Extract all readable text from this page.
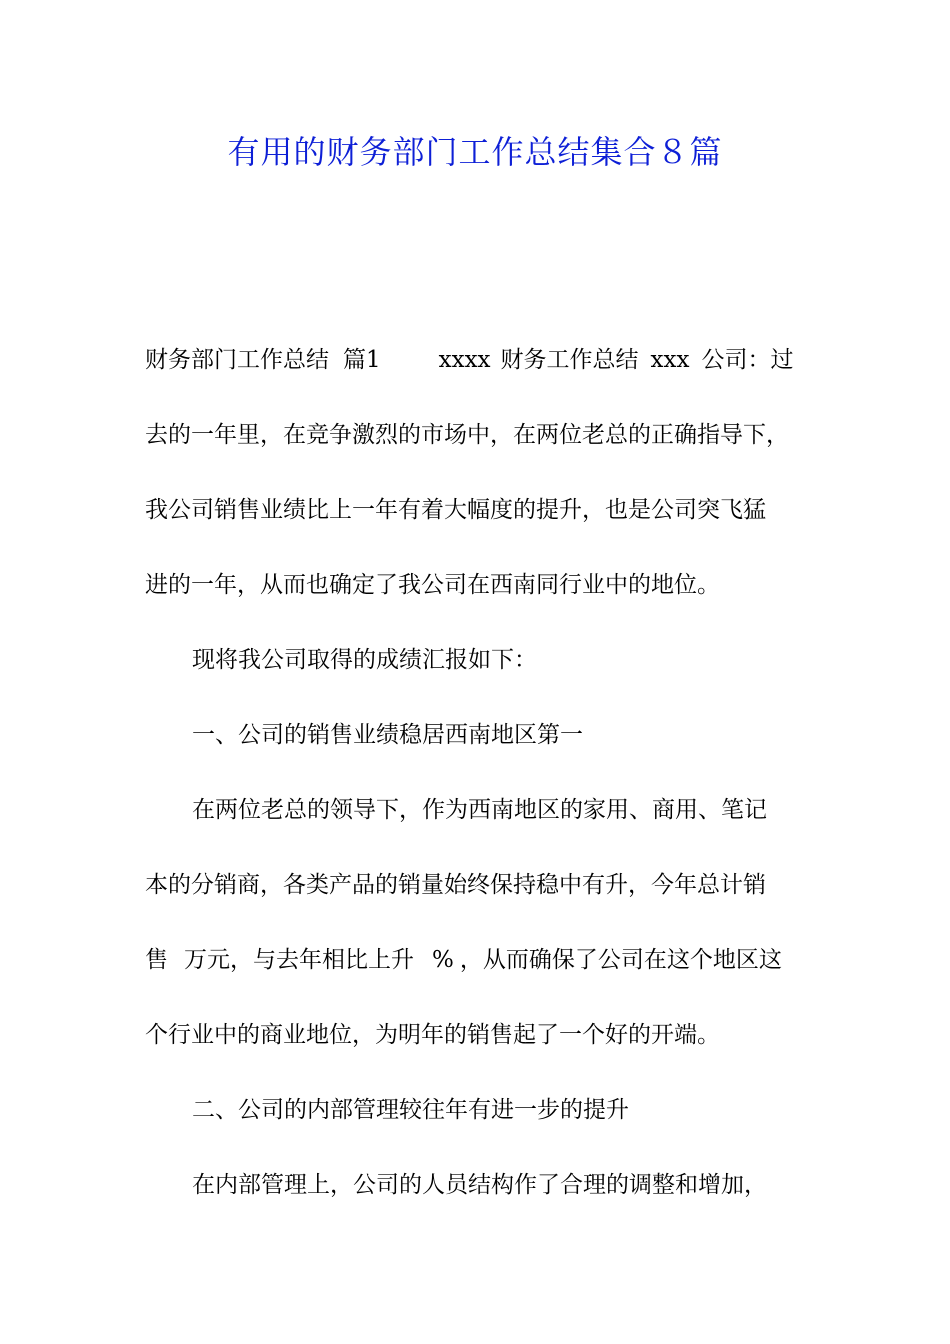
有用的财务部门工作总结集合８篇
财务部门工作总结 篇1	xxxx 财务工作总结 xxx 公司：过
去的一年里，在竞争激烈的市场中，在两位老总的正确指导下，
我公司销售业绩比上一年有着大幅度的提升，也是公司突飞猛
进的一年，从而也确定了我公司在西南同行业中的地位。
现将我公司取得的成绩汇报如下：
一、公司的销售业绩稳居西南地区第一
在两位老总的领导下，作为西南地区的家用、商用、笔记
本的分销商，各类产品的销量始终保持稳中有升，今年总计销
售 万元，与去年相比上升 % ，从而确保了公司在这个地区这
个行业中的商业地位，为明年的销售起了一个好的开端。
二、公司的内部管理较往年有进一步的提升
在内部管理上，公司的人员结构作了合理的调整和增加，
